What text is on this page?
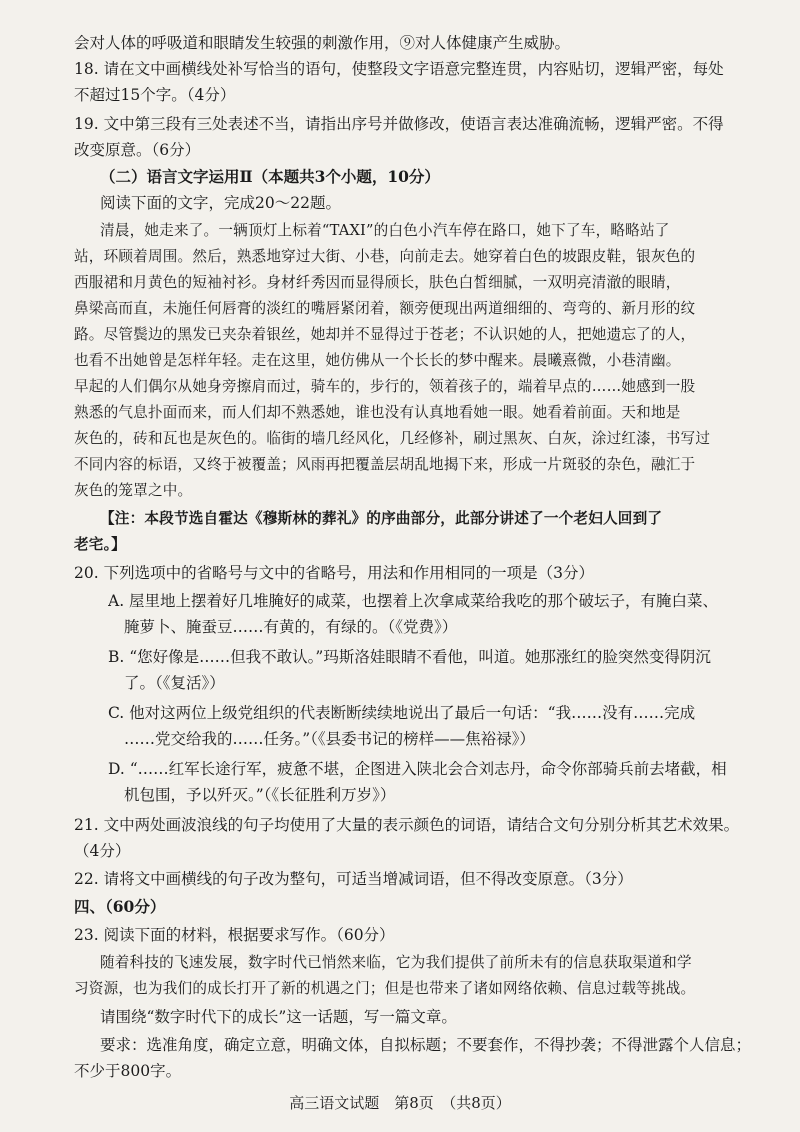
会对人体的呼吸道和眼睛发生较强的刺激作用，⑨对人体健康产生威胁。
18. 请在文中画横线处补写恰当的语句，使整段文字语意完整连贯，内容贴切，逻辑严密，每处
不超过15个字。（4分）
19. 文中第三段有三处表述不当，请指出序号并做修改，使语言表达准确流畅，逻辑严密。不得
改变原意。（6分）
（二）语言文字运用Ⅱ（本题共3个小题，10分）
阅读下面的文字，完成20～22题。
清晨，她走来了。一辆顶灯上标着“TAXI”的白色小汽车停在路口，她下了车，略略站了
站，环顾着周围。然后，熟悉地穿过大街、小巷，向前走去。她穿着白色的坡跟皮鞋，银灰色的
西服裙和月黄色的短袖衬衫。身材纤秀因而显得颀长，肤色白皙细腻，一双明亮清澈的眼睛，
鼻梁高而直，未施任何唇膏的淡红的嘴唇紧闭着，额旁便现出两道细细的、弯弯的、新月形的纹
路。尽管鬓边的黑发已夹杂着银丝，她却并不显得过于苍老；不认识她的人，把她遗忘了的人，
也看不出她曾是怎样年轻。走在这里，她仿佛从一个长长的梦中醒来。晨曦熹微，小巷清幽。
早起的人们偶尔从她身旁擦肩而过，骑车的，步行的，领着孩子的，端着早点的……她感到一股
熟悉的气息扑面而来，而人们却不熟悉她，谁也没有认真地看她一眼。她看着前面。天和地是
灰色的，砖和瓦也是灰色的。临街的墙几经风化，几经修补，刷过黑灰、白灰，涂过红漆，书写过
不同内容的标语，又终于被覆盖；风雨再把覆盖层胡乱地揭下来，形成一片斑驳的杂色，融汇于
灰色的笼罩之中。
【注：本段节选自霍达《穆斯林的葬礼》的序曲部分，此部分讲述了一个老妇人回到了
老宅。】
20. 下列选项中的省略号与文中的省略号，用法和作用相同的一项是（3分）
A. 屋里地上摆着好几堆腌好的咸菜，也摆着上次拿咸菜给我吃的那个破坛子，有腌白菜、
腌萝卜、腌蚕豆……有黄的，有绿的。（《党费》）
B. “您好像是……但我不敢认。”玛斯洛娃眼睛不看他，叫道。她那涨红的脸突然变得阴沉
了。（《复活》）
C. 他对这两位上级党组织的代表断断续续地说出了最后一句话：“我……没有……完成
……党交给我的……任务。”（《县委书记的榜样——焦裕禄》）
D. “……红军长途行军，疲惫不堪，企图进入陕北会合刘志丹，命令你部骑兵前去堵截，相
机包围，予以歼灭。”（《长征胜利万岁》）
21. 文中两处画波浪线的句子均使用了大量的表示颜色的词语，请结合文句分别分析其艺术效果。
（4分）
22. 请将文中画横线的句子改为整句，可适当增减词语，但不得改变原意。（3分）
四、（60分）
23. 阅读下面的材料，根据要求写作。（60分）
随着科技的飞速发展，数字时代已悄然来临，它为我们提供了前所未有的信息获取渠道和学
习资源，也为我们的成长打开了新的机遇之门；但是也带来了诸如网络依赖、信息过载等挑战。
请围绕“数字时代下的成长”这一话题，写一篇文章。
要求：选准角度，确定立意，明确文体，自拟标题；不要套作，不得抄袭；不得泄露个人信息；
不少于800字。
高三语文试题　第8页　（共8页）
